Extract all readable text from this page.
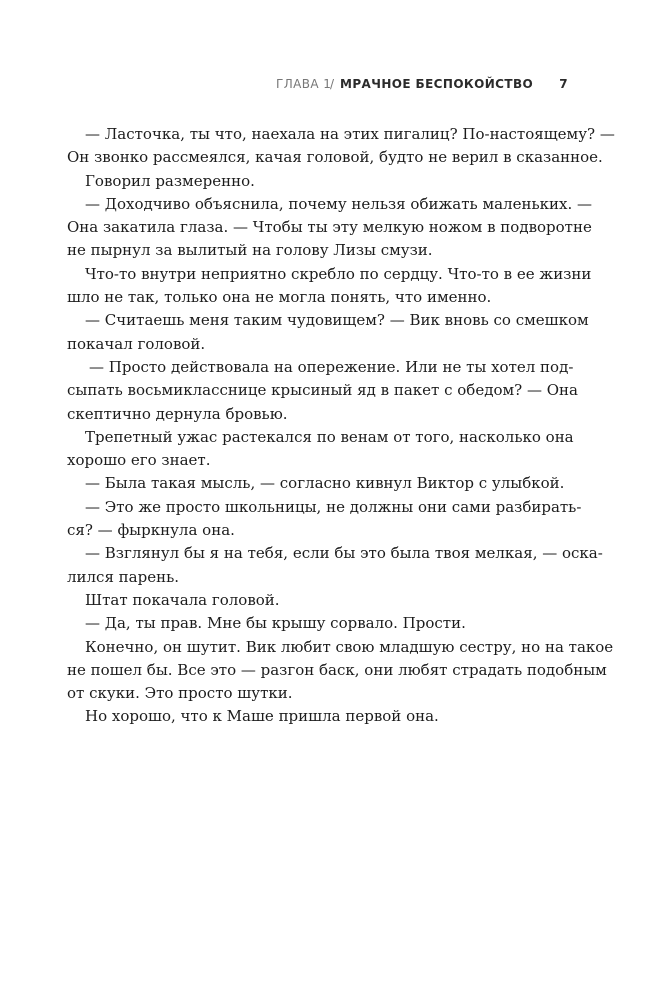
ГЛАВА 1
/ МРАЧНОЕ БЕСПОКОЙСТВО 7
— Ласточка, ты что, наехала на этих пигалиц? По-настоящему? —
Он звонко рассмеялся, качая головой, будто не верил в сказанное.
Говорил размеренно.
— Доходчиво объяснила, почему нельзя обижать маленьких. —
Она закатила глаза. — Чтобы ты эту мелкую ножом в подворотне
не пырнул за вылитый на голову Лизы смузи.
Что-то внутри неприятно скребло по сердцу. Что-то в ее жизни
шло не так, только она не могла понять, что именно.
— Считаешь меня таким чудовищем? — Вик вновь со смешком
покачал головой.
— Просто действовала на опережение. Или не ты хотел под-
сыпать восьмикласснице крысиный яд в пакет с обедом? — Она
скептично дернула бровью.
Трепетный ужас растекался по венам от того, насколько она
хорошо его знает.
— Была такая мысль, — согласно кивнул Виктор с улыбкой.
— Это же просто школьницы, не должны они сами разбирать-
ся? — фыркнула она.
— Взглянул бы я на тебя, если бы это была твоя мелкая, — оска-
лился парень.
Штат покачала головой.
— Да, ты прав. Мне бы крышу сорвало. Прости.
Конечно, он шутит. Вик любит свою младшую сестру, но на такое
не пошел бы. Все это — разгон баск, они любят страдать подобным
от скуки. Это просто шутки.
Но хорошо, что к Маше пришла первой она.
